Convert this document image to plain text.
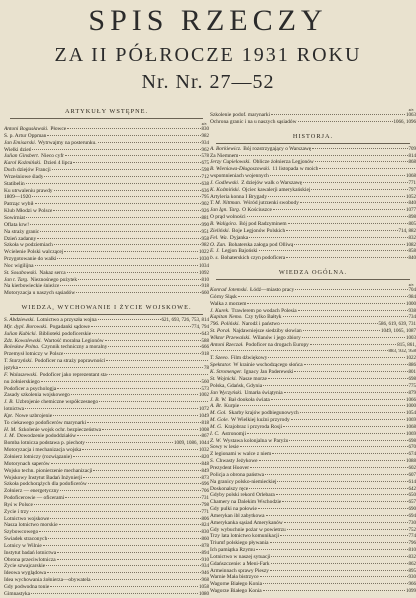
SPIS RZECZY
ZA II PÓŁROCZE 1931 ROKU
Nr. Nr. 27—52
ARTYKUŁY WSTĘPNE.
str.
Antoni Bogusławski. Płowce	830
Ś. p. Artur Oppman	982
Jan Emisarski. Wytrwajmy na posterunku.	934
Wielki dzień	962
Julian Ginsbert. Nieco cyfr	578
Karol Koźmiński. Dzień 4 lipca	675
Duch dziejów Francji	598
Wrześniowe ślady	712
Statibelin	638
Ku utrwaleniu prawdy	636
1809—1920	795
Patrząc wybił	902
Klub Młodzi w Polsce	926
Sowirniat	881
Oflata krw!	990
Na straży granic	951
Dzień zadanny	958
Szkoła w podziemiach	982
Wcielenie Polski walczącej	1022
Przygotowanie do walki	1030
Noc wigilijna	1034
St. Sosabowski. Nakaz serca	1092
Jan t. Targ. Nieznośnego pożytek	810
Na kierbowieckie śnieżce	918
Motoryzacja u naszych sąsiadów	660
WIEDZA, WYCHOWANIE I ŻYCIE WOJSKOWE.
S. Abdziewski. Lotnictwo a przyszła wojna	621, 693, 726, 753, 814
Mjr. dypl. Borowski. Pogadanki sądowe	774, 794
Julian Kubicki. Biblioteki podoficerskie	643
Zdz. Kowalewski. Wartość moralna Legionów	588
Bolesław Polna. Czynnik techniczny a moralny	666
Przemysł lotniczy w Polsce	918
T. Starzyński. Podoficer na straży poprawności
języka	78
F. Walaszewski. Podoficer jako reprezentant sta-
nu żołnierskiego	560
Podoficer a psychologja	573
Zasady szkolenia wojskowego	1002
J. B. Uzbrojenie chemiczne współczesnego
lotnictwa	1072
Kpt. Nowe uzbrojenie	1049
To ciekawego podoficerów marynarki	818
H. M. Szkolenie wojsk ochr. bezpieczeństwa	1008
J. M. Dowodzenie pododdziałów	867
Bomba lotnicza podstawa p. piechoty	1009, 1086, 1044
Motoryzacja i mechanizacja wojska	1032
Żołnierz lotniczy (rozwiązanie)	820
Motorynach saperów	848
Wojsko techn. pionierzenie mechanizacji	849
Wojskowy Instytut Badań Inżynierji	873
Szkoła podchorążych dla podoficerów	696
Żołnierz — energetyczny	706
Podoficerowie — oficerami	731
Ryś w Polsce	798
Życie i trzy	771
Lotnictwo wojskowe	806
Nasza lotnictwo morskie	824
Szybowcowego	830
Świadek straconych	860
Lotnicy w Wilnie	878
Instytut badań lotnictwa	894
Obrona przeciwlotnicza	910
Życie szwajcarskie	934
Ideowa wyglądowa	946
Idea wychowania żołnierza—obywatela	968
Gdy podwodna tonie	1058
Gimnastyka	1080
str.
Szkolenie podof. marynarki	1063
Ochrona granic i na u naszych sąsiadów	1066, 1096
HISTORJA.
A. Borkiewicz. Bój rozstrzygający o Warszawę	709
Za Niemnem	814
Jerzy Cupielowski. Oblicze żołnierza Legjonów	868
B. Wieniawa-Długoszowski. 11 listopada w moich
wspomnieniach wojennych	1068
J. Godlewski. Z dziejów walk o Warszawę	771
K. Koźmiński. Ojciec kawalerji amerykańskiej	797
Artyleria konna I Brygady	1052
T. M. Nittman. Wśród jutrzenki swobody	840
Jan Ign. Targ. O Kościuszce	1077
O prąd wolności	898
B. Waligóra. Bój pod Radzyminem	805
Zieliński. Boje Legjonów Polskich	714, 882
Fel. Wa. Dyjanka	832
O. Zan. Bohaterska załoga pod Olliwą	1082
E. J. Legjon Bajoński	858
b. s. Bohaterskich czyn podoficera	840
WIEDZA OGÓLNA.
str.
Konrad Jotemski. Łódź—miasto pracy	704
Górny Śląsk	984
Walka z morzem	1000
J. Kurek. Trawlerem po wodach Polesia	938
Kapitan Nemo. Czy tylko Bałtyk	734
796. Poliński. Narodź i państwo	586, 619, 639, 731
St. Porał. Najdawniejsze siedziby słowian	1049, 1065, 1087
Wiktor Przewalski. Wilanów i jego zbiory	1003
Antoni Rzeczał. Podoficer na drogach Europy	815, 861,
883, 932, 958
T. Szeeo. Film dźwiękowy	1022
Spektator. W krainie wschodzącego słońca	886
K. Stromenger. Ignacy Jan Paderewski	801
St. Wojnicki. Nasze morze	698
Polska, Gdańsk, Gdynia	775
Jan Wyczyński. Umarła świątynia	879
J. B. W. Bał dookoła świata	1066
A. Bt. Kurpie	1000
M. Gol. Skarby krajów podbiegunowych	1054
M. Gole. W Wielkiej kuźni przyrody	1069
M. G. Krajobraz i przyroda Rosji	1068
I. C. Astronomji	1069
Z. W. Wystawa kolonjalna w Paryżu	698
Sowy w lesie	670
Z legionami w walce z niem	674
S. Chwasty Jeżykowe	1088
Prezydent Hoover	602
Policja a obrona państwa	607
Na granicy polsko-niemieckiej	614
Doskonalszy ręce	642
Gdyby polski rekord Orlebara	650
Chamery na Dalekim Wschodzie	657
Gdy pulki na połowie	690
Amerykan ibl zabytkowa	694
Amerykanka sąsiad Amerykanów	730
Gdy wybuchnie pożar w powietrzu	752
Trzy lata lotnictwo komunikacji	774
Triumf polskiego pływania	796
Ich pamiątka Rzymu	810
Lotnictwo w naszej sytuacji	832
Gdańszczenie: a Meni-Fark	862
Armeinnach sprawy Pieszy	895
Warnie Mała bistrzyce	930
Wagorne Białego Konia	966
Wagorze Białego Konia	1099
